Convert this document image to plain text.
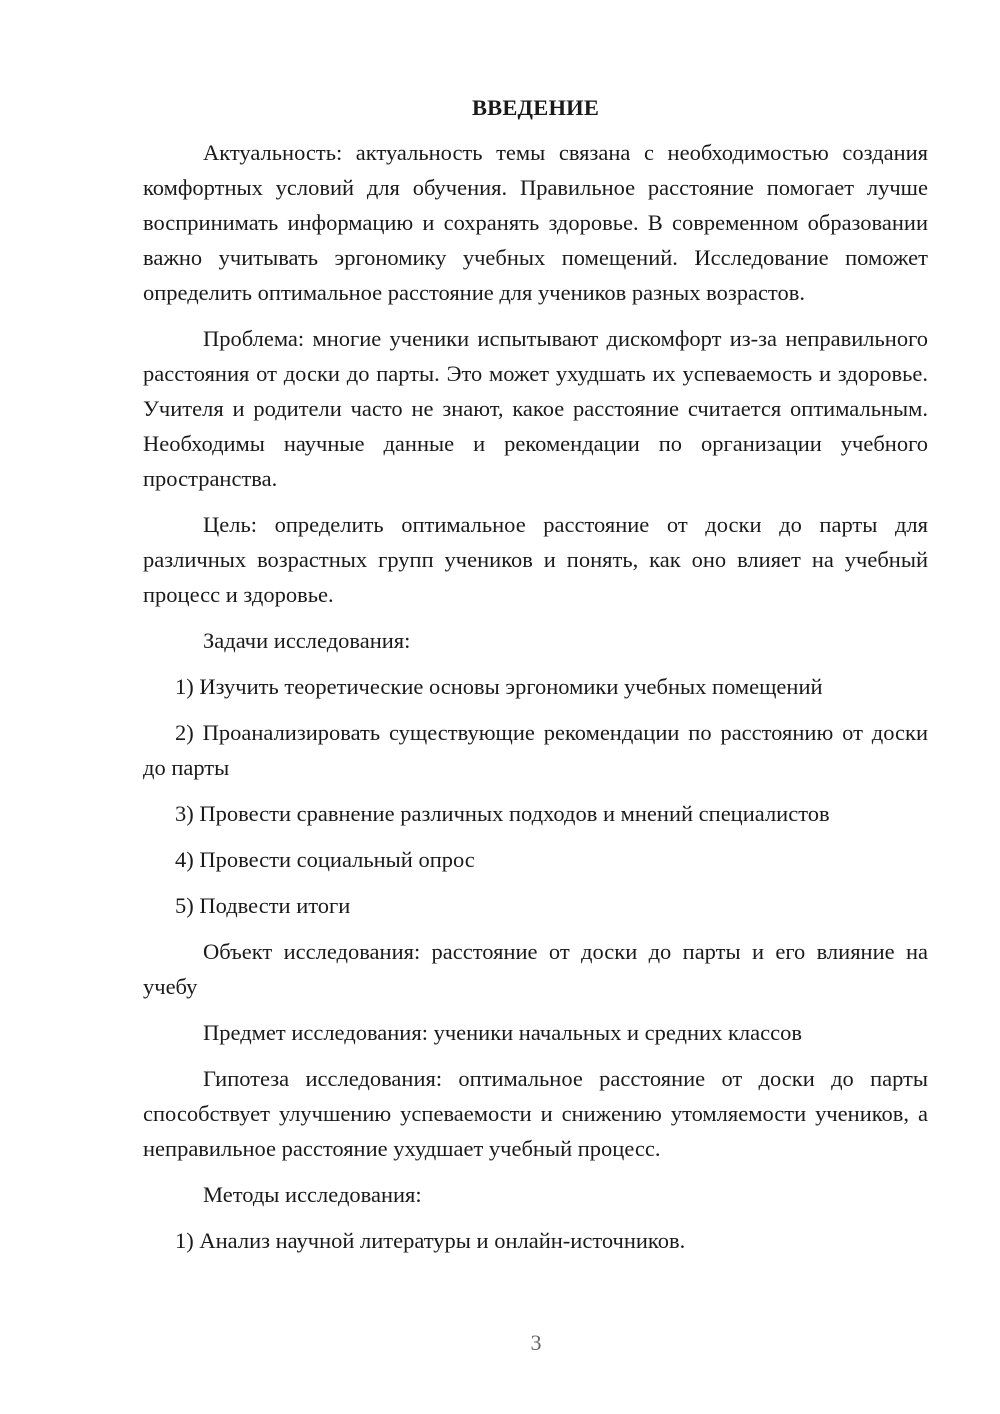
ВВЕДЕНИЕ

Актуальность: актуальность темы связана с необходимостью создания комфортных условий для обучения. Правильное расстояние помогает лучше воспринимать информацию и сохранять здоровье. В современном образовании важно учитывать эргономику учебных помещений. Исследование поможет определить оптимальное расстояние для учеников разных возрастов.

Проблема: многие ученики испытывают дискомфорт из-за неправильного расстояния от доски до парты. Это может ухудшать их успеваемость и здоровье. Учителя и родители часто не знают, какое расстояние считается оптимальным. Необходимы научные данные и рекомендации по организации учебного пространства.

Цель: определить оптимальное расстояние от доски до парты для различных возрастных групп учеников и понять, как оно влияет на учебный процесс и здоровье.

Задачи исследования:

1) Изучить теоретические основы эргономики учебных помещений

2) Проанализировать существующие рекомендации по расстоянию от доски до парты

3) Провести сравнение различных подходов и мнений специалистов

4) Провести социальный опрос

5) Подвести итоги

Объект исследования: расстояние от доски до парты и его влияние на учебу

Предмет исследования: ученики начальных и средних классов

Гипотеза исследования: оптимальное расстояние от доски до парты способствует улучшению успеваемости и снижению утомляемости учеников, а неправильное расстояние ухудшает учебный процесс.

Методы исследования:

1) Анализ научной литературы и онлайн-источников.

3
